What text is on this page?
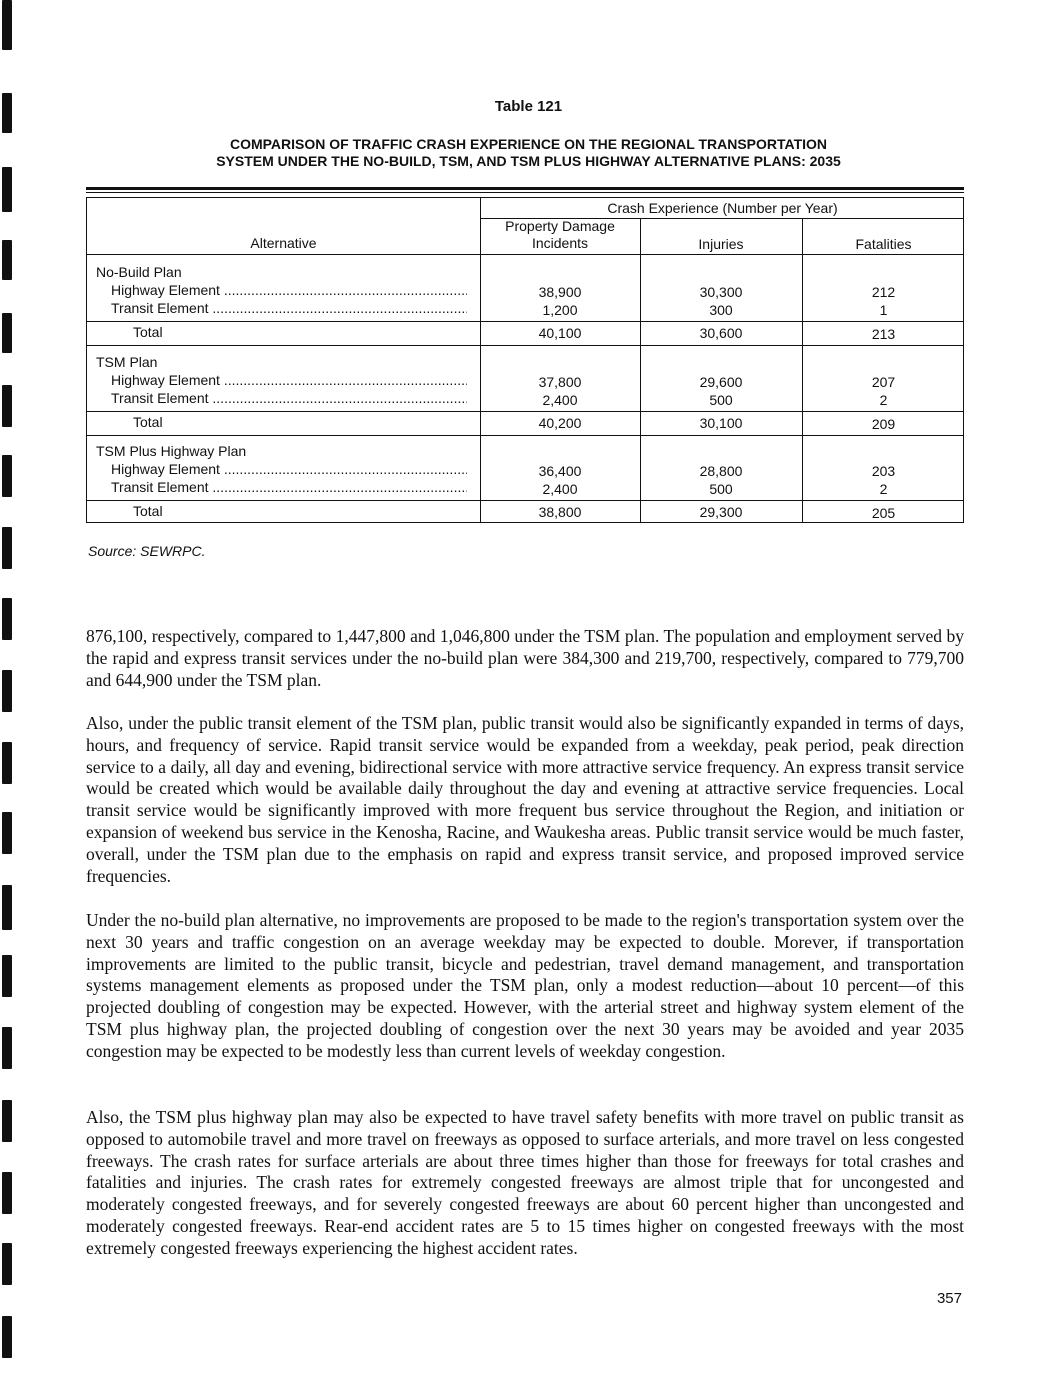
Table 121
COMPARISON OF TRAFFIC CRASH EXPERIENCE ON THE REGIONAL TRANSPORTATION
SYSTEM UNDER THE NO-BUILD, TSM, AND TSM PLUS HIGHWAY ALTERNATIVE PLANS: 2035
Crash Experience (Number per Year)
Alternative
Property Damage
Incidents	Injuries	Fatalities
No-Build Plan
Highway Element .....	38,900	30,300	212
Transit Element .....	1,200	300	1
Total	40,100	30,600	213
TSM Plan
Highway Element .....	37,800	29,600	207
Transit Element .....	2,400	500	2
Total	40,200	30,100	209
TSM Plus Highway Plan
Highway Element .....	36,400	28,800	203
Transit Element .....	2,400	500	2
Total	38,800	29,300	205
Source: SEWRPC.

876,100, respectively, compared to 1,447,800 and 1,046,800 under the TSM plan. The population and employment served by the rapid and express transit services under the no-build plan were 384,300 and 219,700, respectively, compared to 779,700 and 644,900 under the TSM plan.

Also, under the public transit element of the TSM plan, public transit would also be significantly expanded in terms of days, hours, and frequency of service. Rapid transit service would be expanded from a weekday, peak period, peak direction service to a daily, all day and evening, bidirectional service with more attractive service frequency. An express transit service would be created which would be available daily throughout the day and evening at attractive service frequencies. Local transit service would be significantly improved with more frequent bus service throughout the Region, and initiation or expansion of weekend bus service in the Kenosha, Racine, and Waukesha areas. Public transit service would be much faster, overall, under the TSM plan due to the emphasis on rapid and express transit service, and proposed improved service frequencies.

Under the no-build plan alternative, no improvements are proposed to be made to the region's transportation system over the next 30 years and traffic congestion on an average weekday may be expected to double. Morever, if transportation improvements are limited to the public transit, bicycle and pedestrian, travel demand management, and transportation systems management elements as proposed under the TSM plan, only a modest reduction—about 10 percent—of this projected doubling of congestion may be expected. However, with the arterial street and highway system element of the TSM plus highway plan, the projected doubling of congestion over the next 30 years may be avoided and year 2035 congestion may be expected to be modestly less than current levels of weekday congestion.

Also, the TSM plus highway plan may also be expected to have travel safety benefits with more travel on public transit as opposed to automobile travel and more travel on freeways as opposed to surface arterials, and more travel on less congested freeways. The crash rates for surface arterials are about three times higher than those for freeways for total crashes and fatalities and injuries. The crash rates for extremely congested freeways are almost triple that for uncongested and moderately congested freeways, and for severely congested freeways are about 60 percent higher than uncongested and moderately congested freeways. Rear-end accident rates are 5 to 15 times higher on congested freeways with the most extremely congested freeways experiencing the highest accident rates.

357
